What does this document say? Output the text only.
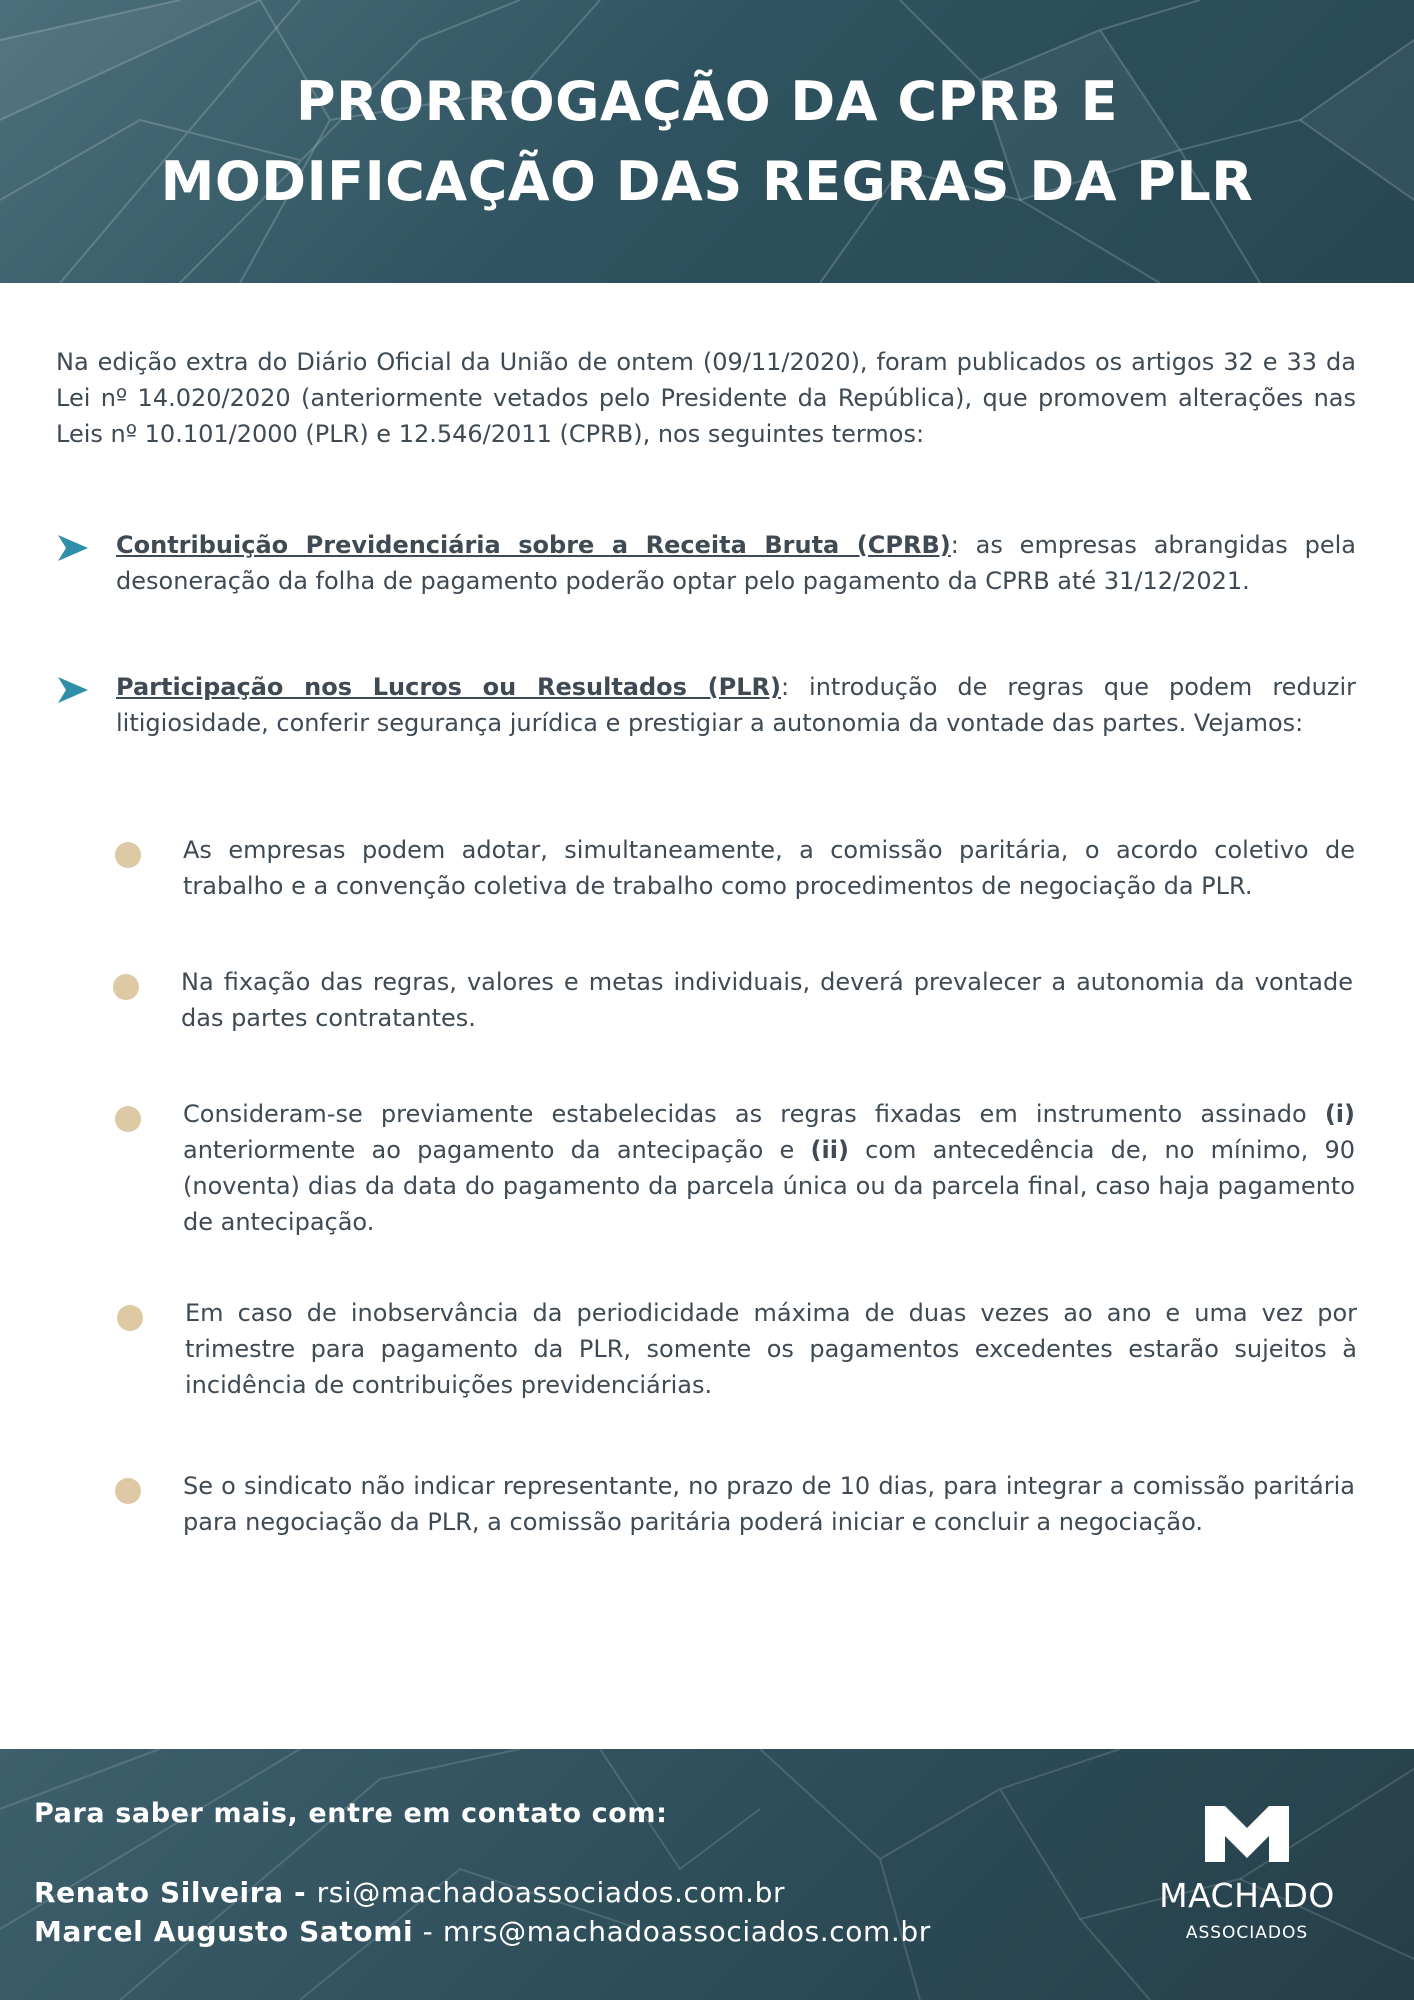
PRORROGAÇÃO DA CPRB E
MODIFICAÇÃO DAS REGRAS DA PLR

Na edição extra do Diário Oficial da União de ontem (09/11/2020), foram publicados os artigos 32 e 33 da Lei nº 14.020/2020 (anteriormente vetados pelo Presidente da República), que promovem alterações nas Leis nº 10.101/2000 (PLR) e 12.546/2011 (CPRB), nos seguintes termos:

Contribuição Previdenciária sobre a Receita Bruta (CPRB): as empresas abrangidas pela desoneração da folha de pagamento poderão optar pelo pagamento da CPRB até 31/12/2021.

Participação nos Lucros ou Resultados (PLR): introdução de regras que podem reduzir litigiosidade, conferir segurança jurídica e prestigiar a autonomia da vontade das partes. Vejamos:

As empresas podem adotar, simultaneamente, a comissão paritária, o acordo coletivo de trabalho e a convenção coletiva de trabalho como procedimentos de negociação da PLR.

Na fixação das regras, valores e metas individuais, deverá prevalecer a autonomia da vontade das partes contratantes.

Consideram-se previamente estabelecidas as regras fixadas em instrumento assinado (i) anteriormente ao pagamento da antecipação e (ii) com antecedência de, no mínimo, 90 (noventa) dias da data do pagamento da parcela única ou da parcela final, caso haja pagamento de antecipação.

Em caso de inobservância da periodicidade máxima de duas vezes ao ano e uma vez por trimestre para pagamento da PLR, somente os pagamentos excedentes estarão sujeitos à incidência de contribuições previdenciárias.

Se o sindicato não indicar representante, no prazo de 10 dias, para integrar a comissão paritária para negociação da PLR, a comissão paritária poderá iniciar e concluir a negociação.

Para saber mais, entre em contato com:
Renato Silveira - rsi@machadoassociados.com.br
Marcel Augusto Satomi - mrs@machadoassociados.com.br
MACHADO
ASSOCIADOS
